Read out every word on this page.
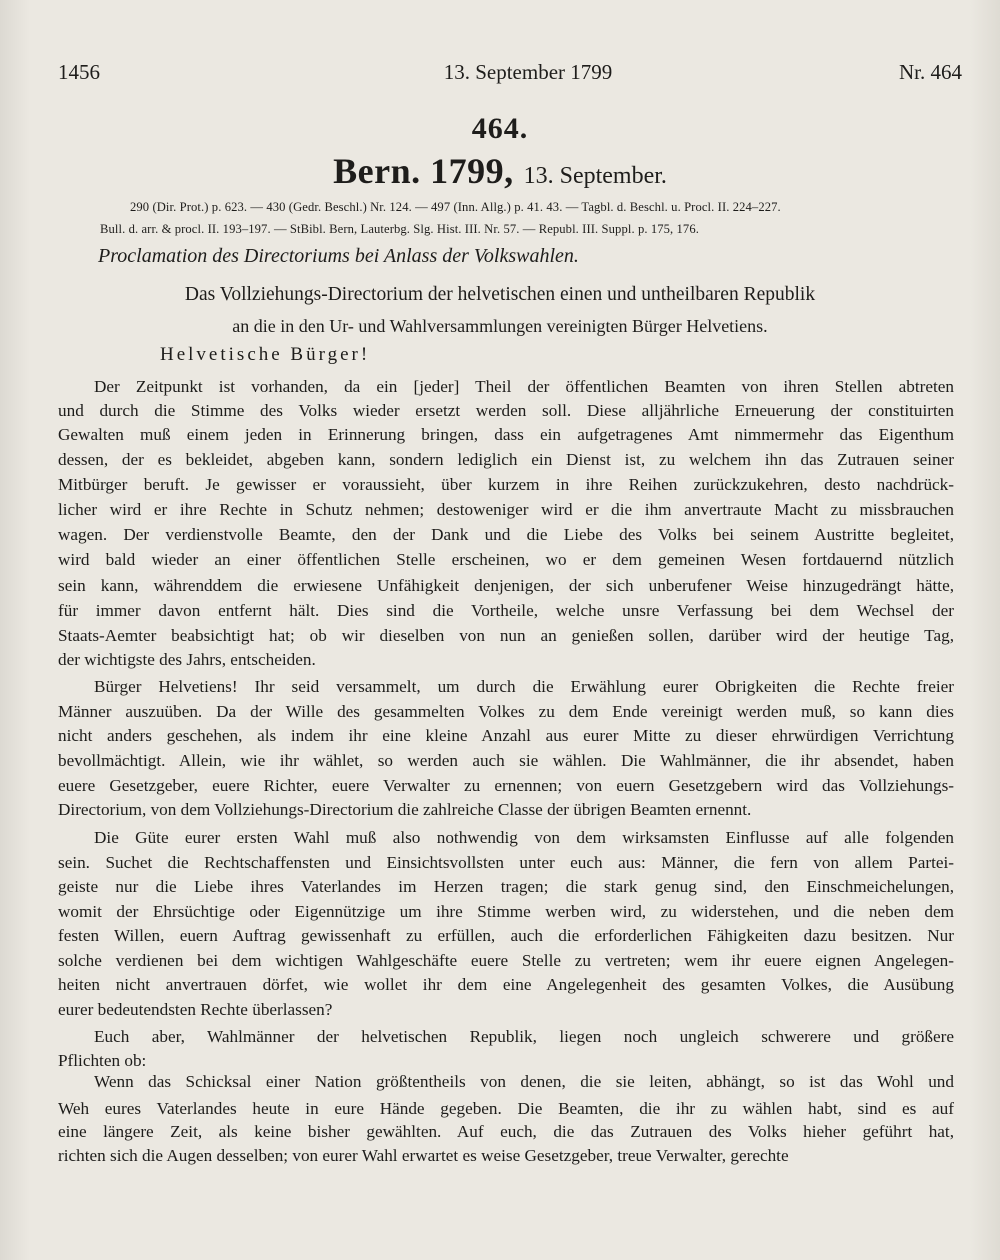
1456	13. September 1799	Nr. 464
464.
Bern. 1799, 13. September.
290 (Dir. Prot.) p. 623. — 430 (Gedr. Beschl.) Nr. 124. — 497 (Inn. Allg.) p. 41. 43. — Tagbl. d. Beschl. u. Procl. II. 224–227.
Bull. d. arr. & procl. II. 193–197. — StBibl. Bern, Lauterbg. Slg. Hist. III. Nr. 57. — Republ. III. Suppl. p. 175, 176.
Proclamation des Directoriums bei Anlass der Volkswahlen.
Das Vollziehungs-Directorium der helvetischen einen und untheilbaren Republik
an die in den Ur- und Wahlversammlungen vereinigten Bürger Helvetiens.
Helvetische Bürger!
Der Zeitpunkt ist vorhanden, da ein [jeder] Theil der öffentlichen Beamten von ihren Stellen abtreten
und durch die Stimme des Volks wieder ersetzt werden soll. Diese alljährliche Erneuerung der constituirten
Gewalten muß einem jeden in Erinnerung bringen, dass ein aufgetragenes Amt nimmermehr das Eigenthum
dessen, der es bekleidet, abgeben kann, sondern lediglich ein Dienst ist, zu welchem ihn das Zutrauen seiner
Mitbürger beruft. Je gewisser er voraussieht, über kurzem in ihre Reihen zurückzukehren, desto nachdrück-
licher wird er ihre Rechte in Schutz nehmen; destoweniger wird er die ihm anvertraute Macht zu missbrauchen
wagen. Der verdienstvolle Beamte, den der Dank und die Liebe des Volks bei seinem Austritte begleitet,
wird bald wieder an einer öffentlichen Stelle erscheinen, wo er dem gemeinen Wesen fortdauernd nützlich
sein kann, währenddem die erwiesene Unfähigkeit denjenigen, der sich unberufener Weise hinzugedrängt hätte,
für immer davon entfernt hält. Dies sind die Vortheile, welche unsre Verfassung bei dem Wechsel der
Staats-Aemter beabsichtigt hat; ob wir dieselben von nun an genießen sollen, darüber wird der heutige Tag,
der wichtigste des Jahrs, entscheiden.
Bürger Helvetiens! Ihr seid versammelt, um durch die Erwählung eurer Obrigkeiten die Rechte freier
Männer auszuüben. Da der Wille des gesammelten Volkes zu dem Ende vereinigt werden muß, so kann dies
nicht anders geschehen, als indem ihr eine kleine Anzahl aus eurer Mitte zu dieser ehrwürdigen Verrichtung
bevollmächtigt. Allein, wie ihr wählet, so werden auch sie wählen. Die Wahlmänner, die ihr absendet, haben
euere Gesetzgeber, euere Richter, euere Verwalter zu ernennen; von euern Gesetzgebern wird das Vollziehungs-
Directorium, von dem Vollziehungs-Directorium die zahlreiche Classe der übrigen Beamten ernennt.
Die Güte eurer ersten Wahl muß also nothwendig von dem wirksamsten Einflusse auf alle folgenden
sein. Suchet die Rechtschaffensten und Einsichtsvollsten unter euch aus: Männer, die fern von allem Partei-
geiste nur die Liebe ihres Vaterlandes im Herzen tragen; die stark genug sind, den Einschmeichelungen,
womit der Ehrsüchtige oder Eigennützige um ihre Stimme werben wird, zu widerstehen, und die neben dem
festen Willen, euern Auftrag gewissenhaft zu erfüllen, auch die erforderlichen Fähigkeiten dazu besitzen. Nur
solche verdienen bei dem wichtigen Wahlgeschäfte euere Stelle zu vertreten; wem ihr euere eignen Angelegen-
heiten nicht anvertrauen dörfet, wie wollet ihr dem eine Angelegenheit des gesamten Volkes, die Ausübung
eurer bedeutendsten Rechte überlassen?
Euch aber, Wahlmänner der helvetischen Republik, liegen noch ungleich schwerere und größere
Pflichten ob:
Wenn das Schicksal einer Nation größtentheils von denen, die sie leiten, abhängt, so ist das Wohl und
Weh eures Vaterlandes heute in eure Hände gegeben. Die Beamten, die ihr zu wählen habt, sind es auf
eine längere Zeit, als keine bisher gewählten. Auf euch, die das Zutrauen des Volks hieher geführt hat,
richten sich die Augen desselben; von eurer Wahl erwartet es weise Gesetzgeber, treue Verwalter, gerechte
